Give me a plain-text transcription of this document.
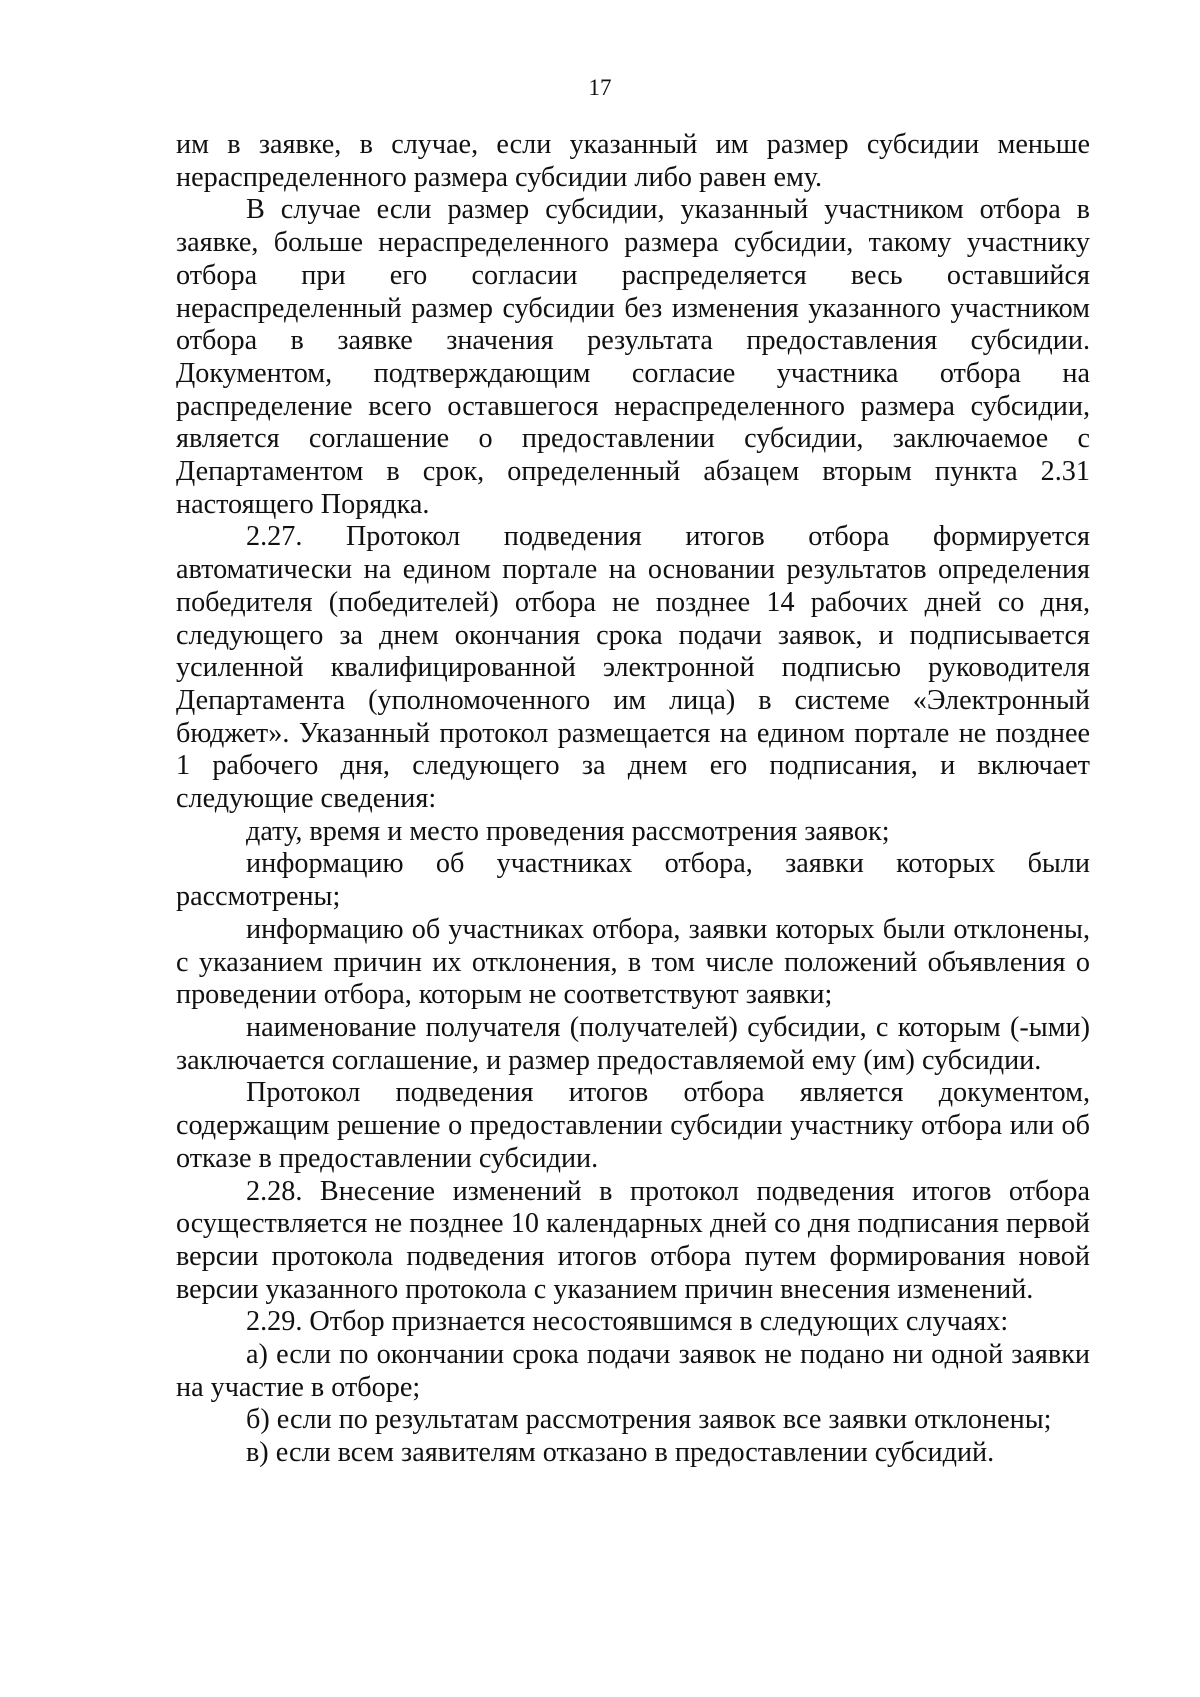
17

им в заявке, в случае, если указанный им размер субсидии меньше нераспределенного размера субсидии либо равен ему.

В случае если размер субсидии, указанный участником отбора в заявке, больше нераспределенного размера субсидии, такому участнику отбора при его согласии распределяется весь оставшийся нераспределенный размер субсидии без изменения указанного участником отбора в заявке значения результата предоставления субсидии. Документом, подтверждающим согласие участника отбора на распределение всего оставшегося нераспределенного размера субсидии, является соглашение о предоставлении субсидии, заключаемое с Департаментом в срок, определенный абзацем вторым пункта 2.31 настоящего Порядка.

2.27. Протокол подведения итогов отбора формируется автоматически на едином портале на основании результатов определения победителя (победителей) отбора не позднее 14 рабочих дней со дня, следующего за днем окончания срока подачи заявок, и подписывается усиленной квалифицированной электронной подписью руководителя Департамента (уполномоченного им лица) в системе «Электронный бюджет». Указанный протокол размещается на едином портале не позднее 1 рабочего дня, следующего за днем его подписания, и включает следующие сведения:

дату, время и место проведения рассмотрения заявок;

информацию об участниках отбора, заявки которых были рассмотрены;

информацию об участниках отбора, заявки которых были отклонены, с указанием причин их отклонения, в том числе положений объявления о проведении отбора, которым не соответствуют заявки;

наименование получателя (получателей) субсидии, с которым (-ыми) заключается соглашение, и размер предоставляемой ему (им) субсидии.

Протокол подведения итогов отбора является документом, содержащим решение о предоставлении субсидии участнику отбора или об отказе в предоставлении субсидии.

2.28. Внесение изменений в протокол подведения итогов отбора осуществляется не позднее 10 календарных дней со дня подписания первой версии протокола подведения итогов отбора путем формирования новой версии указанного протокола с указанием причин внесения изменений.

2.29. Отбор признается несостоявшимся в следующих случаях:

а) если по окончании срока подачи заявок не подано ни одной заявки на участие в отборе;

б) если по результатам рассмотрения заявок все заявки отклонены;

в) если всем заявителям отказано в предоставлении субсидий.
